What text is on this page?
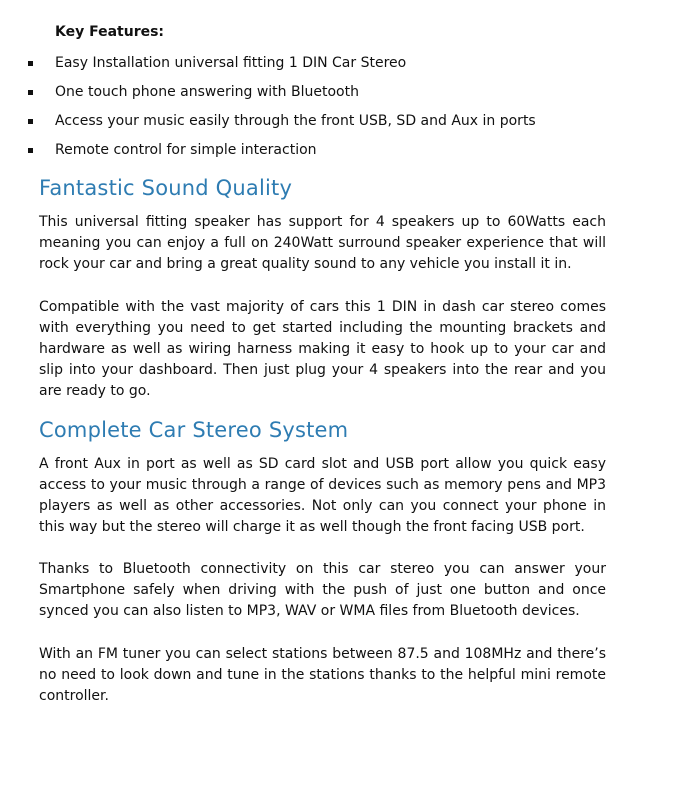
Key Features:
Easy Installation universal fitting 1 DIN Car Stereo
One touch phone answering with Bluetooth
Access your music easily through the front USB, SD and Aux in ports
Remote control for simple interaction
Fantastic Sound Quality

This universal fitting speaker has support for 4 speakers up to 60Watts each meaning you can enjoy a full on 240Watt surround speaker experience that will rock your car and bring a great quality sound to any vehicle you install it in.

Compatible with the vast majority of cars this 1 DIN in dash car stereo comes with everything you need to get started including the mounting brackets and hardware as well as wiring harness making it easy to hook up to your car and slip into your dashboard. Then just plug your 4 speakers into the rear and you are ready to go.

Complete Car Stereo System

A front Aux in port as well as SD card slot and USB port allow you quick easy access to your music through a range of devices such as memory pens and MP3 players as well as other accessories. Not only can you connect your phone in this way but the stereo will charge it as well though the front facing USB port.

Thanks to Bluetooth connectivity on this car stereo you can answer your Smartphone safely when driving with the push of just one button and once synced you can also listen to MP3, WAV or WMA files from Bluetooth devices.

With an FM tuner you can select stations between 87.5 and 108MHz and there’s no need to look down and tune in the stations thanks to the helpful mini remote controller.
